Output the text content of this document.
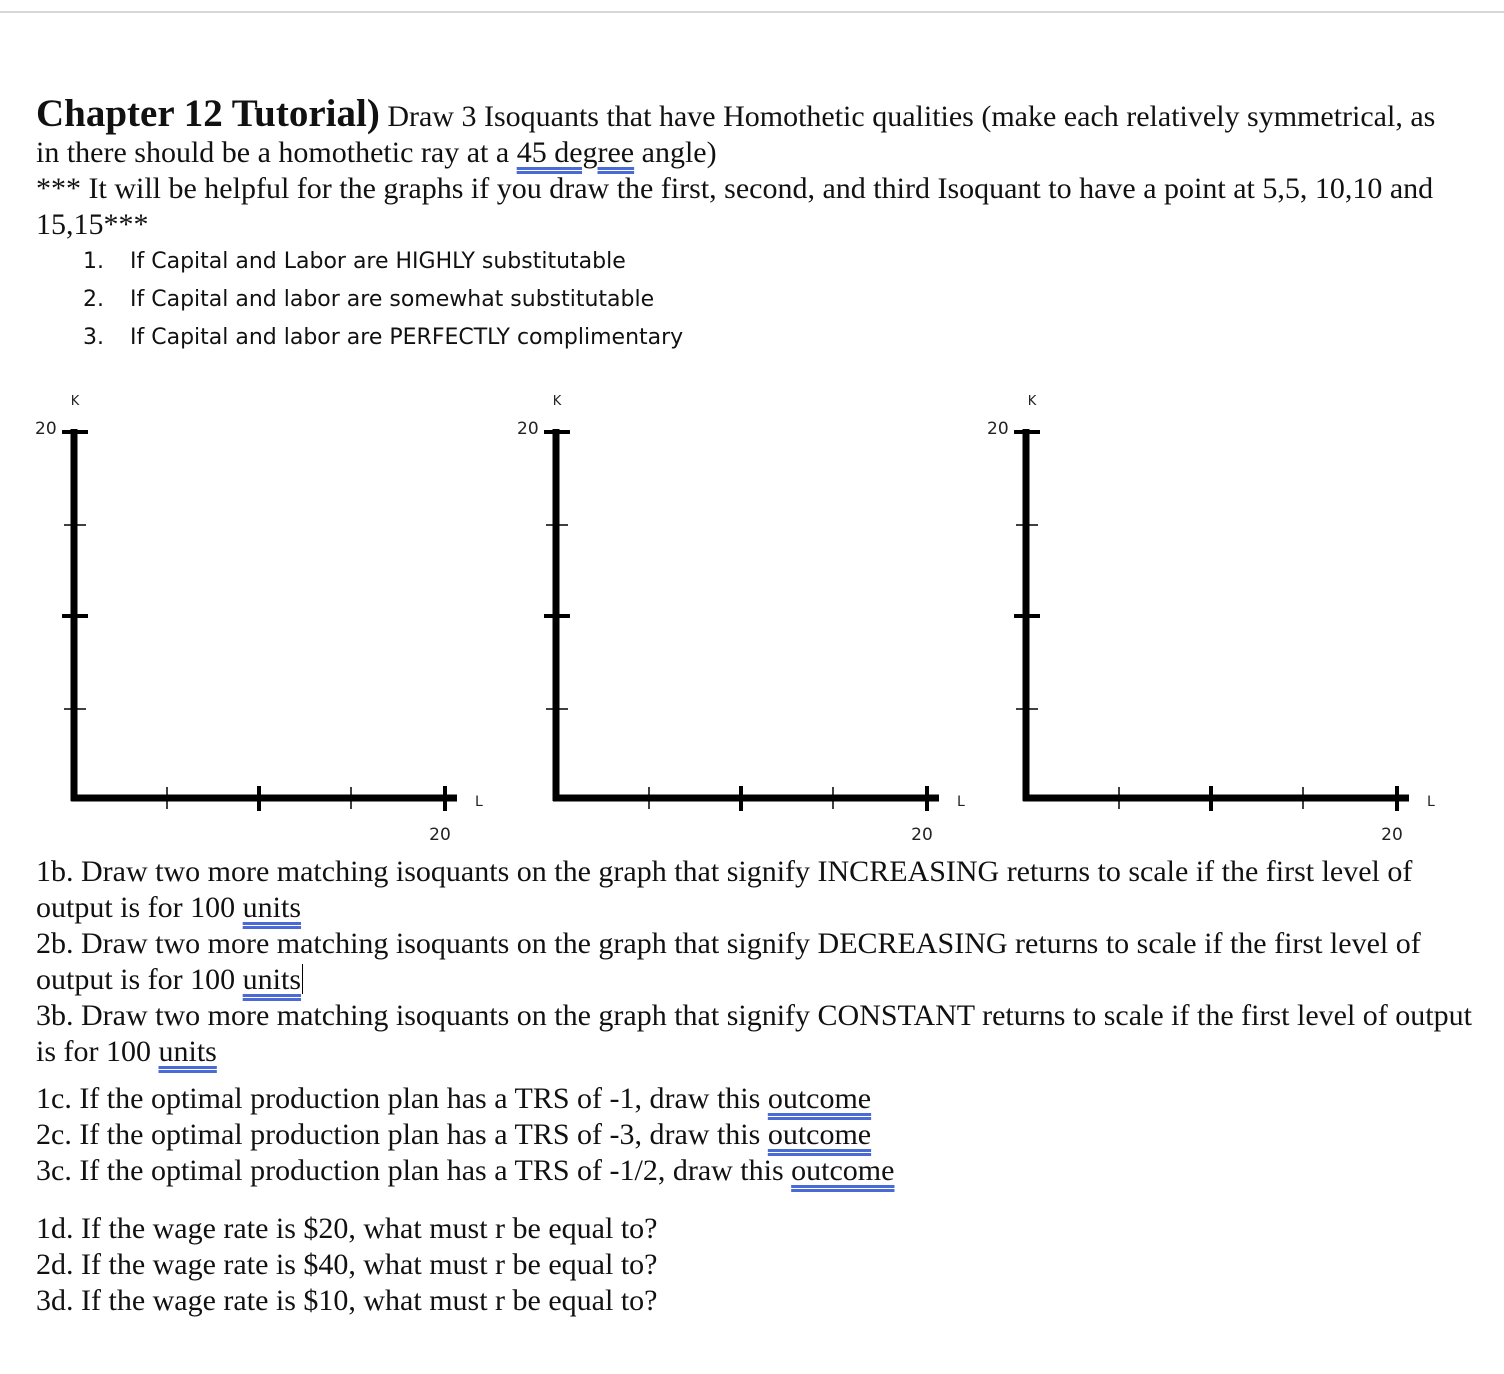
Chapter 12 Tutorial) Draw 3 Isoquants that have Homothetic qualities (make each relatively symmetrical, as in there should be a homothetic ray at a 45 degree angle)

*** It will be helpful for the graphs if you draw the first, second, and third Isoquant to have a point at 5,5, 10,10 and 15,15***

1. If Capital and Labor are HIGHLY substitutable
2. If Capital and labor are somewhat substitutable
3. If Capital and labor are PERFECTLY complimentary
K
20
L
20
K
20
L
20
K
20
L
20

1b. Draw two more matching isoquants on the graph that signify INCREASING returns to scale if the first level of output is for 100 units

2b. Draw two more matching isoquants on the graph that signify DECREASING returns to scale if the first level of output is for 100 units

3b. Draw two more matching isoquants on the graph that signify CONSTANT returns to scale if the first level of output is for 100 units

1c. If the optimal production plan has a TRS of -1, draw this outcome

2c. If the optimal production plan has a TRS of -3, draw this outcome

3c. If the optimal production plan has a TRS of -1/2, draw this outcome

1d. If the wage rate is $20, what must r be equal to?

2d. If the wage rate is $40, what must r be equal to?

3d. If the wage rate is $10, what must r be equal to?
